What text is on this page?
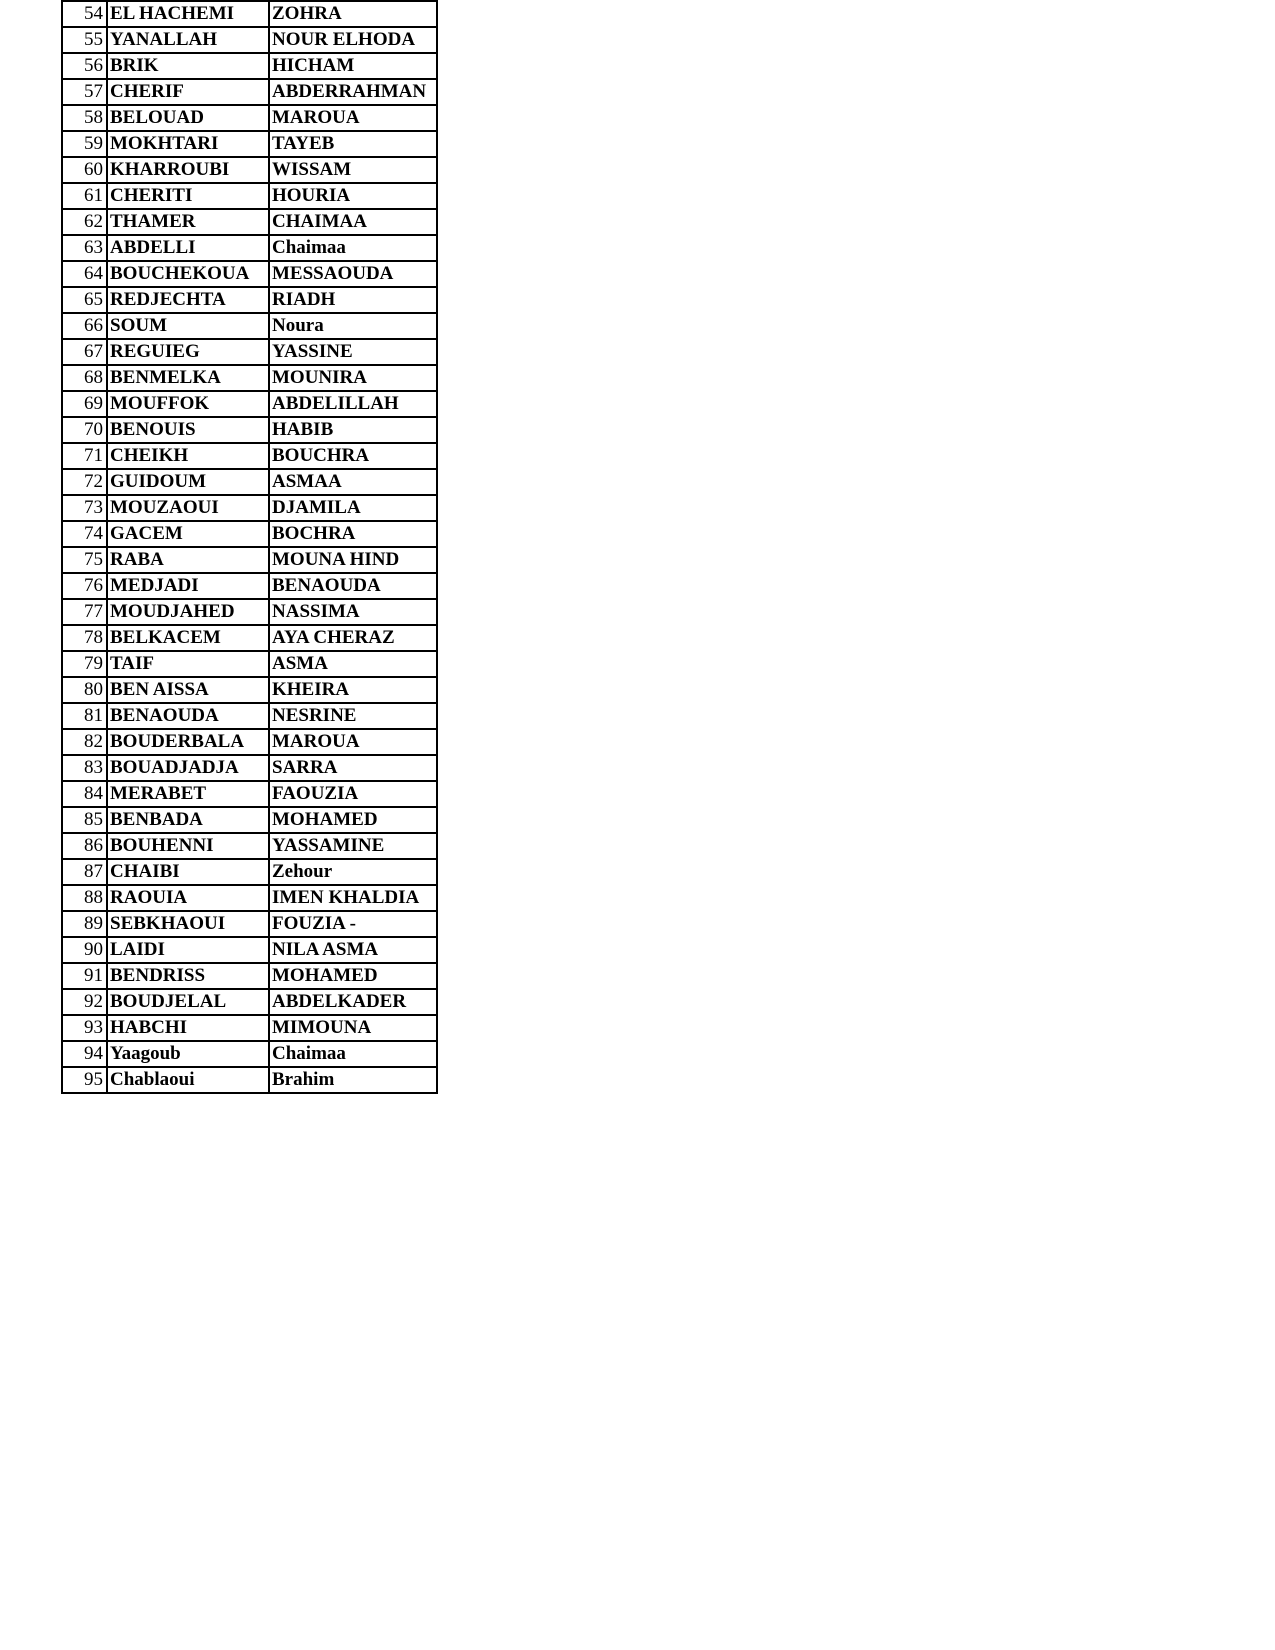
54	EL HACHEMI	ZOHRA
55	YANALLAH	NOUR ELHODA
56	BRIK	HICHAM
57	CHERIF	ABDERRAHMAN
58	BELOUAD	MAROUA
59	MOKHTARI	TAYEB
60	KHARROUBI	WISSAM
61	CHERITI	HOURIA
62	THAMER	CHAIMAA
63	ABDELLI	Chaimaa
64	BOUCHEKOUA	MESSAOUDA
65	REDJECHTA	RIADH
66	SOUM	Noura
67	REGUIEG	YASSINE
68	BENMELKA	MOUNIRA
69	MOUFFOK	ABDELILLAH
70	BENOUIS	HABIB
71	CHEIKH	BOUCHRA
72	GUIDOUM	ASMAA
73	MOUZAOUI	DJAMILA
74	GACEM	BOCHRA
75	RABA	MOUNA HIND
76	MEDJADI	BENAOUDA
77	MOUDJAHED	NASSIMA
78	BELKACEM	AYA CHERAZ
79	TAIF	ASMA
80	BEN AISSA	KHEIRA
81	BENAOUDA	NESRINE
82	BOUDERBALA	MAROUA
83	BOUADJADJA	SARRA
84	MERABET	FAOUZIA
85	BENBADA	MOHAMED
86	BOUHENNI	YASSAMINE
87	CHAIBI	Zehour
88	RAOUIA	IMEN KHALDIA
89	SEBKHAOUI	FOUZIA -
90	LAIDI	NILA ASMA
91	BENDRISS	MOHAMED
92	BOUDJELAL	ABDELKADER
93	HABCHI	MIMOUNA
94	Yaagoub	Chaimaa
95	Chablaoui	Brahim
